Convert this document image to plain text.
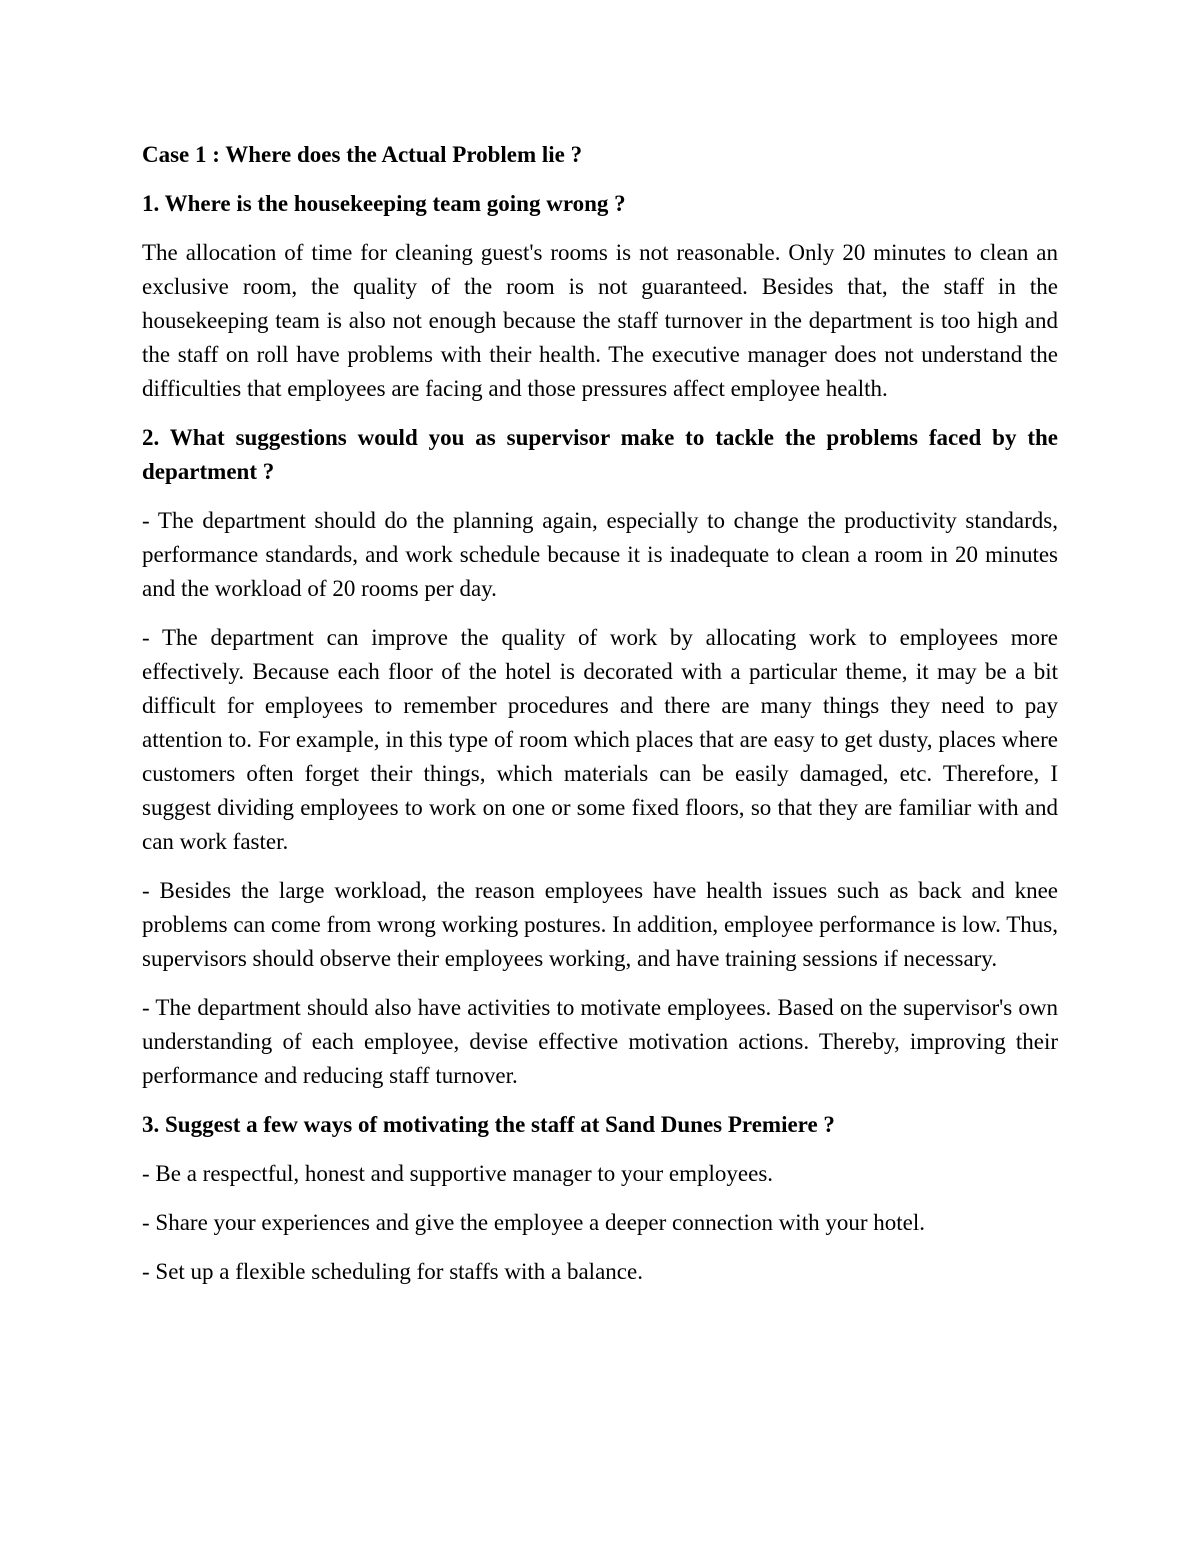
Case 1 : Where does the Actual Problem lie ?

1. Where is the housekeeping team going wrong ?

The allocation of time for cleaning guest's rooms is not reasonable. Only 20 minutes to clean an exclusive room, the quality of the room is not guaranteed. Besides that, the staff in the housekeeping team is also not enough because the staff turnover in the department is too high and the staff on roll have problems with their health. The executive manager does not understand the difficulties that employees are facing and those pressures affect employee health.

2. What suggestions would you as supervisor make to tackle the problems faced by the department ?

- The department should do the planning again, especially to change the productivity standards, performance standards, and work schedule because it is inadequate to clean a room in 20 minutes and the workload of 20 rooms per day.

- The department can improve the quality of work by allocating work to employees more effectively. Because each floor of the hotel is decorated with a particular theme, it may be a bit difficult for employees to remember procedures and there are many things they need to pay attention to. For example, in this type of room which places that are easy to get dusty, places where customers often forget their things, which materials can be easily damaged, etc. Therefore, I suggest dividing employees to work on one or some fixed floors, so that they are familiar with and can work faster.

- Besides the large workload, the reason employees have health issues such as back and knee problems can come from wrong working postures. In addition, employee performance is low. Thus, supervisors should observe their employees working, and have training sessions if necessary.

- The department should also have activities to motivate employees. Based on the supervisor's own understanding of each employee, devise effective motivation actions. Thereby, improving their performance and reducing staff turnover.

3. Suggest a few ways of motivating the staff at Sand Dunes Premiere ?

- Be a respectful, honest and supportive manager to your employees.

- Share your experiences and give the employee a deeper connection with your hotel.

- Set up a flexible scheduling for staffs with a balance.
